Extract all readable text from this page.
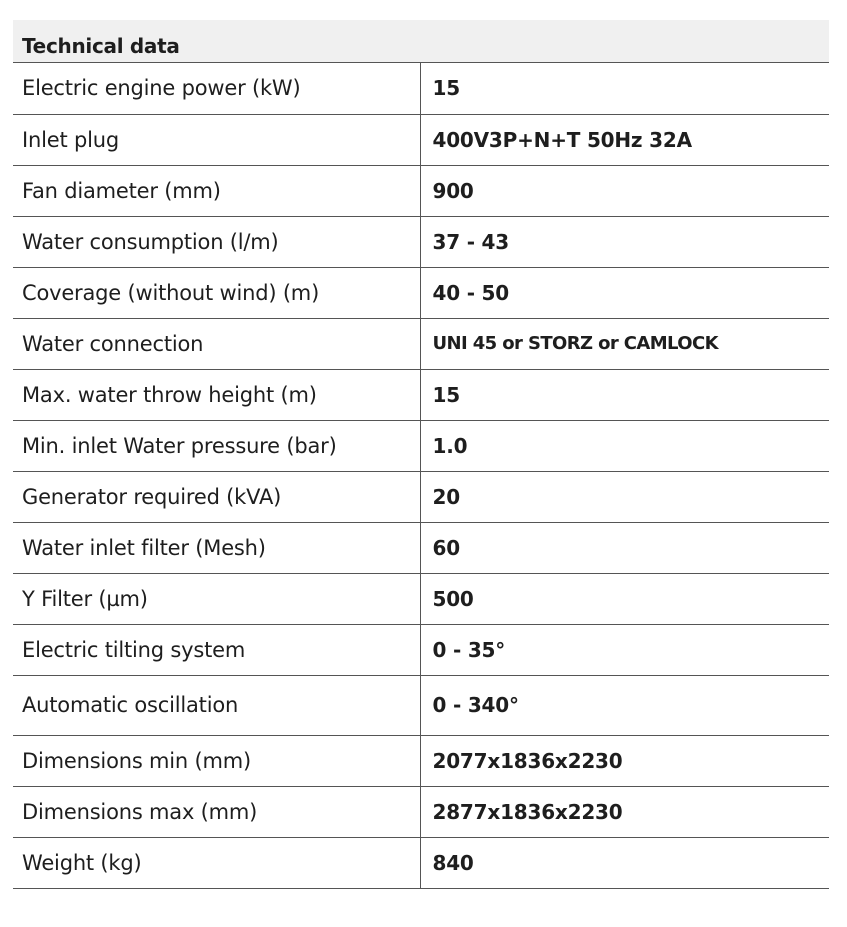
Technical data
Electric engine power (kW)	15
Inlet plug	400V3P+N+T 50Hz 32A
Fan diameter (mm)	900
Water consumption (l/m)	37 - 43
Coverage (without wind) (m)	40 - 50
Water connection	UNI 45 or STORZ or CAMLOCK
Max. water throw height (m)	15
Min. inlet Water pressure (bar)	1.0
Generator required (kVA)	20
Water inlet filter (Mesh)	60
Y Filter (µm)	500
Electric tilting system	0 - 35°
Automatic oscillation	0 - 340°
Dimensions min (mm)	2077x1836x2230
Dimensions max (mm)	2877x1836x2230
Weight (kg)	840
